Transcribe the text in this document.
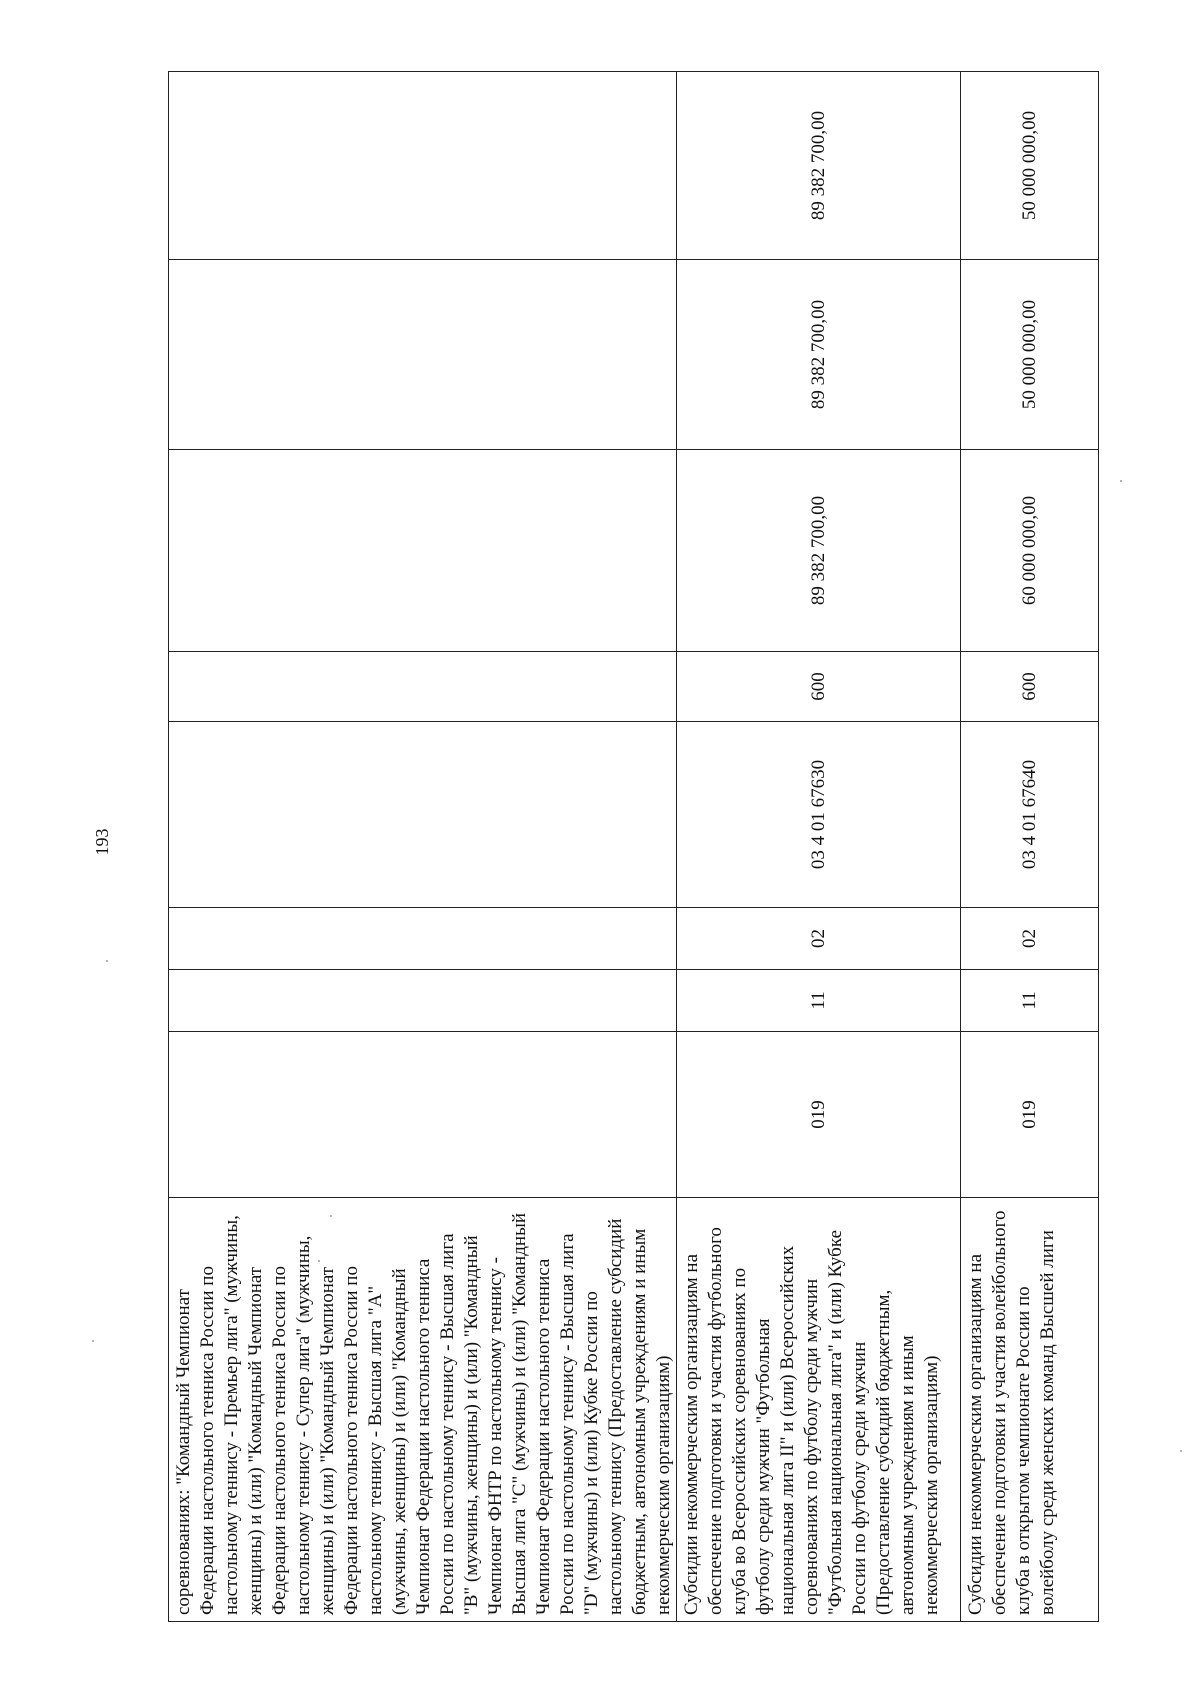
193
соревнованиях: "Командный Чемпионат Федерации настольного тенниса России по настольному теннису - Премьер лига" (мужчины, женщины) и (или) "Командный Чемпионат Федерации настольного тенниса России по настольному теннису - Супер лига" (мужчины, женщины) и (или) "Командный Чемпионат Федерации настольного тенниса России по настольному теннису - Высшая лига "А" (мужчины, женщины) и (или) "Командный Чемпионат Федерации настольного тенниса России по настольному теннису - Высшая лига "В" (мужчины, женщины) и (или) "Командный Чемпионат ФНТР по настольному теннису - Высшая лига "С" (мужчины) и (или) "Командный Чемпионат Федерации настольного тенниса России по настольному теннису - Высшая лига "D" (мужчины) и (или) Кубке России по настольному теннису (Предоставление субсидий бюджетным, автономным учреждениям и иным некоммерческим организациям)								
Субсидии некоммерческим организациям на обеспечение подготовки и участия футбольного клуба во Всероссийских соревнованиях по футболу среди мужчин "Футбольная национальная лига II" и (или) Всероссийских соревнованиях по футболу среди мужчин "Футбольная национальная лига" и (или) Кубке России по футболу среди мужчин (Предоставление субсидий бюджетным, автономным учреждениям и иным некоммерческим организациям)	019	11	02	03 4 01 67630	600	89 382 700,00	89 382 700,00	89 382 700,00
Субсидии некоммерческим организациям на обеспечение подготовки и участия волейбольного клуба в открытом чемпионате России по волейболу среди женских команд Высшей лиги	019	11	02	03 4 01 67640	600	60 000 000,00	50 000 000,00	50 000 000,00
